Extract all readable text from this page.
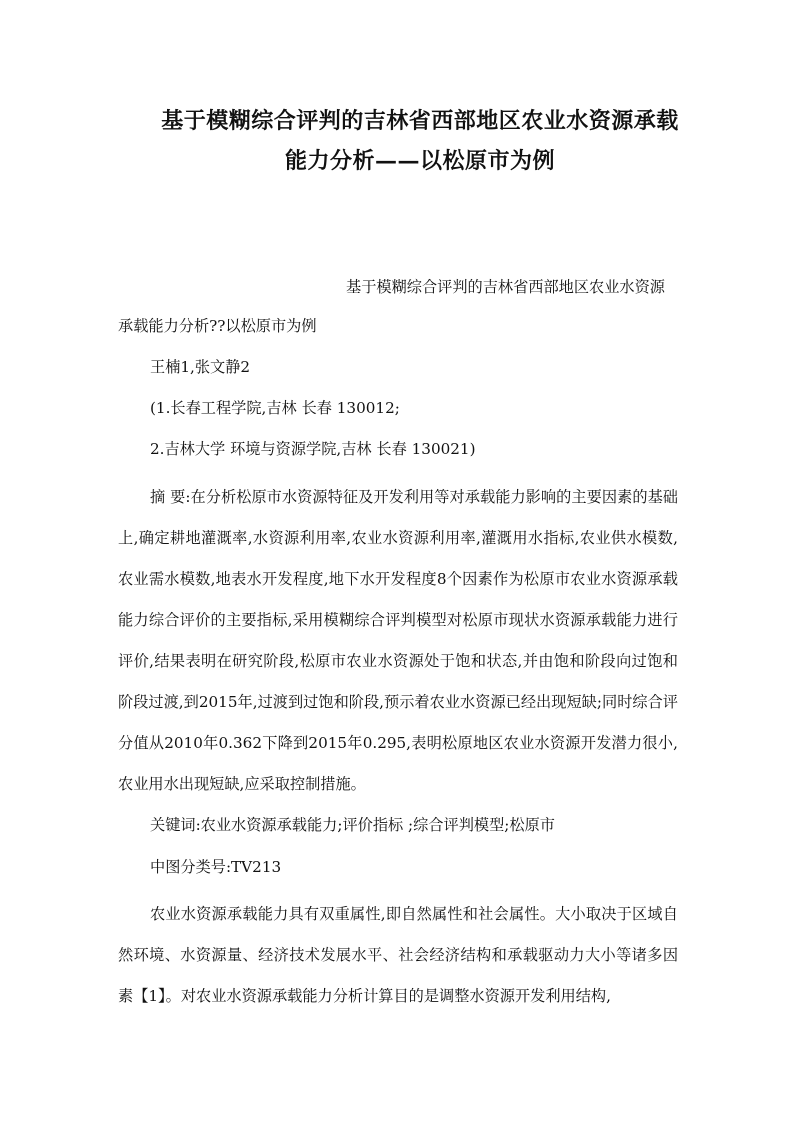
基于模糊综合评判的吉林省西部地区农业水资源承载
能力分析——以松原市为例
基于模糊综合评判的吉林省西部地区农业水资源承载能力分析??以松原市为例
王楠1,张文静2
(1.长春工程学院,吉林 长春 130012;
2.吉林大学 环境与资源学院,吉林 长春 130021)
摘 要:在分析松原市水资源特征及开发利用等对承载能力影响的主要因素的基础上,确定耕地灌溉率,水资源利用率,农业水资源利用率,灌溉用水指标,农业供水模数,农业需水模数,地表水开发程度,地下水开发程度8个因素作为松原市农业水资源承载能力综合评价的主要指标,采用模糊综合评判模型对松原市现状水资源承载能力进行评价,结果表明在研究阶段,松原市农业水资源处于饱和状态,并由饱和阶段向过饱和阶段过渡,到2015年,过渡到过饱和阶段,预示着农业水资源已经出现短缺;同时综合评分值从2010年0.362下降到2015年0.295,表明松原地区农业水资源开发潜力很小,农业用水出现短缺,应采取控制措施。
关键词:农业水资源承载能力;评价指标 ;综合评判模型;松原市
中图分类号:TV213
农业水资源承载能力具有双重属性,即自然属性和社会属性。大小取决于区域自然环境、水资源量、经济技术发展水平、社会经济结构和承载驱动力大小等诸多因素【1】。对农业水资源承载能力分析计算目的是调整水资源开发利用结构,
